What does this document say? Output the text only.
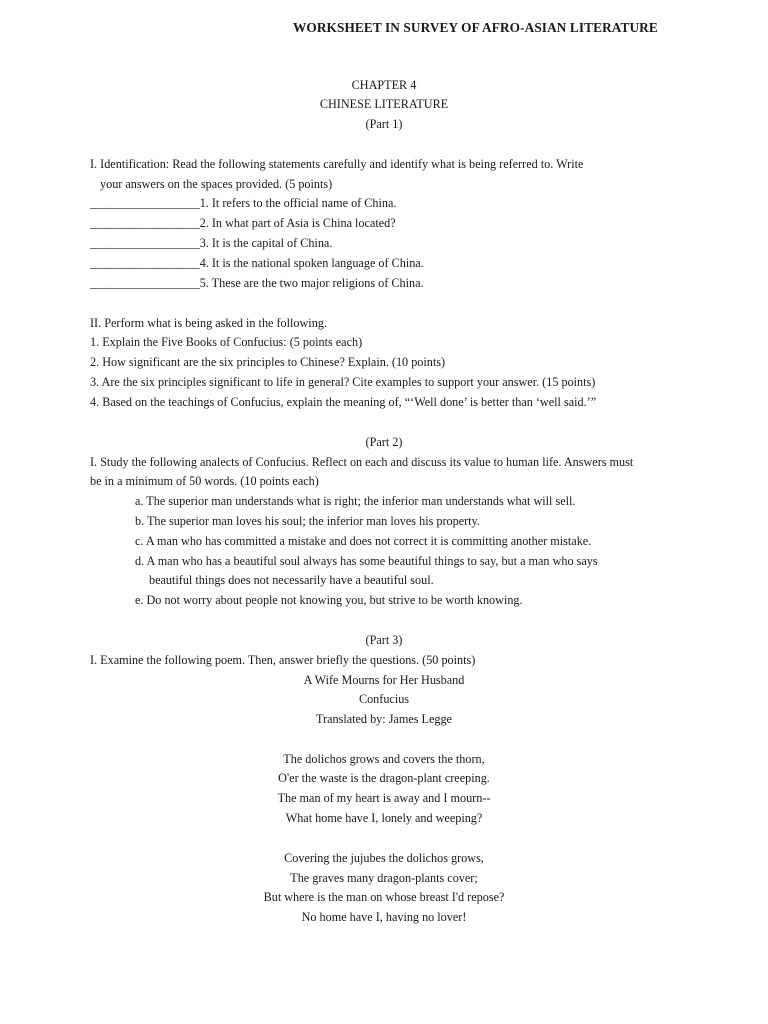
WORKSHEET IN SURVEY OF AFRO-ASIAN LITERATURE
CHAPTER 4
CHINESE LITERATURE
(Part 1)
I. Identification: Read the following statements carefully and identify what is being referred to. Write
your answers on the spaces provided. (5 points)
__________________1. It refers to the official name of China.
__________________2. In what part of Asia is China located?
__________________3. It is the capital of China.
__________________4. It is the national spoken language of China.
__________________5. These are the two major religions of China.
II. Perform what is being asked in the following.
1. Explain the Five Books of Confucius: (5 points each)
2. How significant are the six principles to Chinese? Explain. (10 points)
3. Are the six principles significant to life in general? Cite examples to support your answer. (15 points)
4. Based on the teachings of Confucius, explain the meaning of, “‘Well done’ is better than ‘well said.’”
(Part 2)
I. Study the following analects of Confucius. Reflect on each and discuss its value to human life. Answers must
be in a minimum of 50 words. (10 points each)
a. The superior man understands what is right; the inferior man understands what will sell.
b. The superior man loves his soul; the inferior man loves his property.
c. A man who has committed a mistake and does not correct it is committing another mistake.
d. A man who has a beautiful soul always has some beautiful things to say, but a man who says
beautiful things does not necessarily have a beautiful soul.
e. Do not worry about people not knowing you, but strive to be worth knowing.
(Part 3)
I. Examine the following poem. Then, answer briefly the questions. (50 points)
A Wife Mourns for Her Husband
Confucius
Translated by: James Legge
The dolichos grows and covers the thorn,
O'er the waste is the dragon-plant creeping.
The man of my heart is away and I mourn--
What home have I, lonely and weeping?
Covering the jujubes the dolichos grows,
The graves many dragon-plants cover;
But where is the man on whose breast I'd repose?
No home have I, having no lover!
